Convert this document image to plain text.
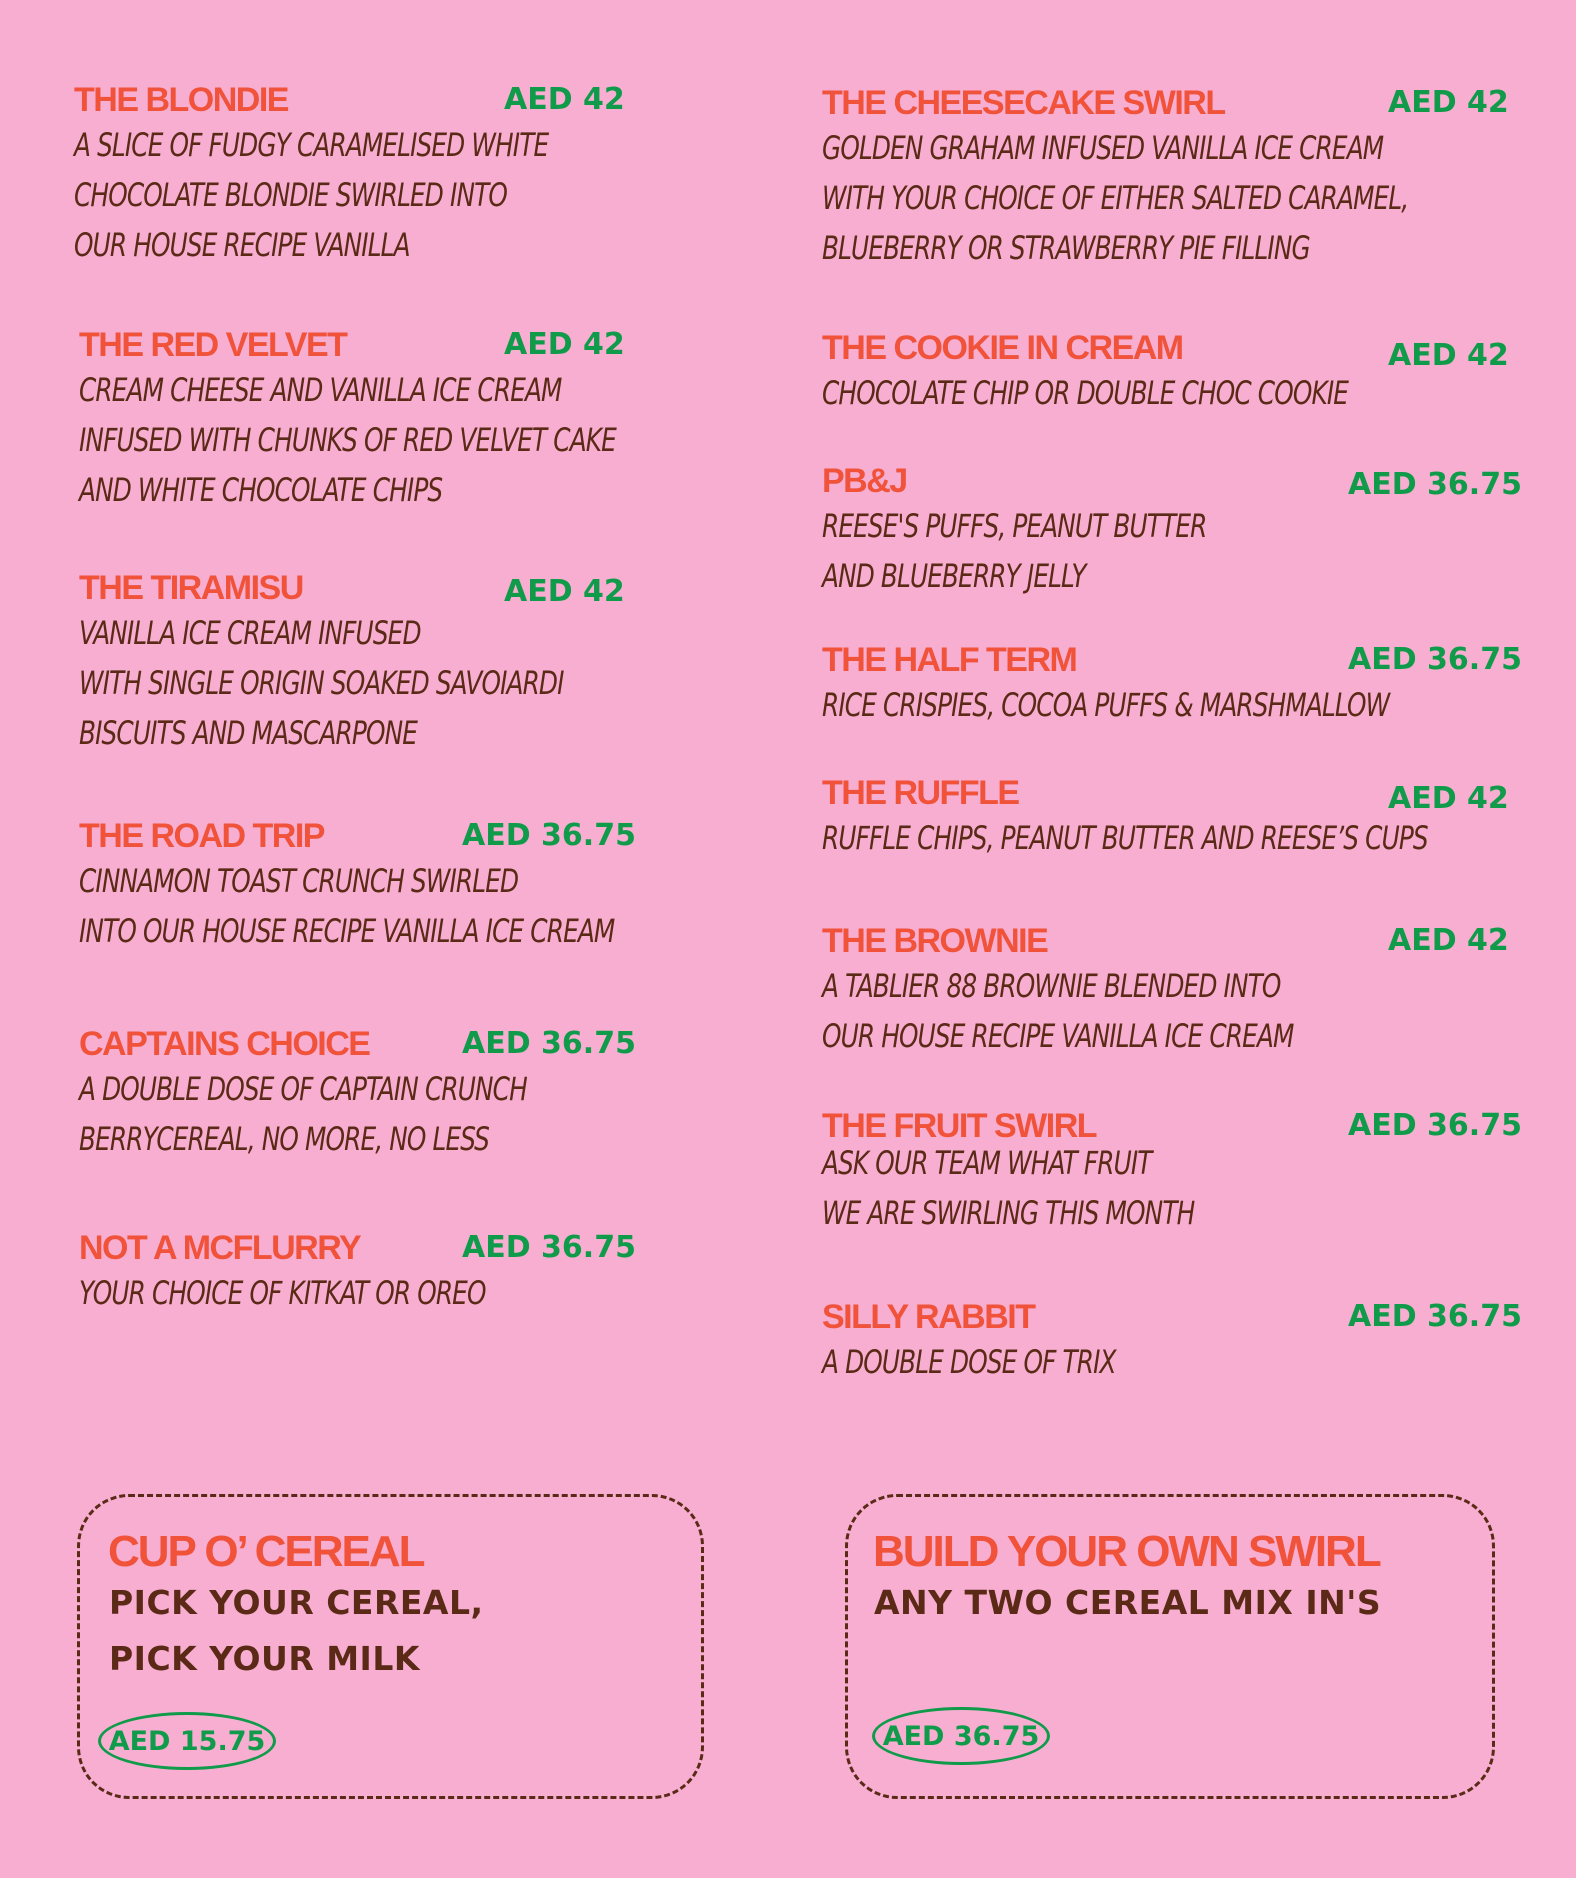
THE BLONDIE	AED 42
A SLICE OF FUDGY CARAMELISED WHITE
CHOCOLATE BLONDIE SWIRLED INTO
OUR HOUSE RECIPE VANILLA
THE RED VELVET	AED 42
CREAM CHEESE AND VANILLA ICE CREAM
INFUSED WITH CHUNKS OF RED VELVET CAKE
AND WHITE CHOCOLATE CHIPS
THE TIRAMISU	AED 42
VANILLA ICE CREAM INFUSED
WITH SINGLE ORIGIN SOAKED SAVOIARDI
BISCUITS AND MASCARPONE
THE ROAD TRIP	AED 36.75
CINNAMON TOAST CRUNCH SWIRLED
INTO OUR HOUSE RECIPE VANILLA ICE CREAM
CAPTAINS CHOICE	AED 36.75
A DOUBLE DOSE OF CAPTAIN CRUNCH
BERRYCEREAL, NO MORE, NO LESS
NOT A MCFLURRY	AED 36.75
YOUR CHOICE OF KITKAT OR OREO
THE CHEESECAKE SWIRL	AED 42
GOLDEN GRAHAM INFUSED VANILLA ICE CREAM
WITH YOUR CHOICE OF EITHER SALTED CARAMEL,
BLUEBERRY OR STRAWBERRY PIE FILLING
THE COOKIE IN CREAM	AED 42
CHOCOLATE CHIP OR DOUBLE CHOC COOKIE
PB&J	AED 36.75
REESE'S PUFFS, PEANUT BUTTER
AND BLUEBERRY JELLY
THE HALF TERM	AED 36.75
RICE CRISPIES, COCOA PUFFS & MARSHMALLOW
THE RUFFLE	AED 42
RUFFLE CHIPS, PEANUT BUTTER AND REESE’S CUPS
THE BROWNIE	AED 42
A TABLIER 88 BROWNIE BLENDED INTO
OUR HOUSE RECIPE VANILLA ICE CREAM
THE FRUIT SWIRL	AED 36.75
ASK OUR TEAM WHAT FRUIT
WE ARE SWIRLING THIS MONTH
SILLY RABBIT	AED 36.75
A DOUBLE DOSE OF TRIX
CUP O’ CEREAL
PICK YOUR CEREAL,
PICK YOUR MILK
AED 15.75
BUILD YOUR OWN SWIRL
ANY TWO CEREAL MIX IN'S
AED 36.75
